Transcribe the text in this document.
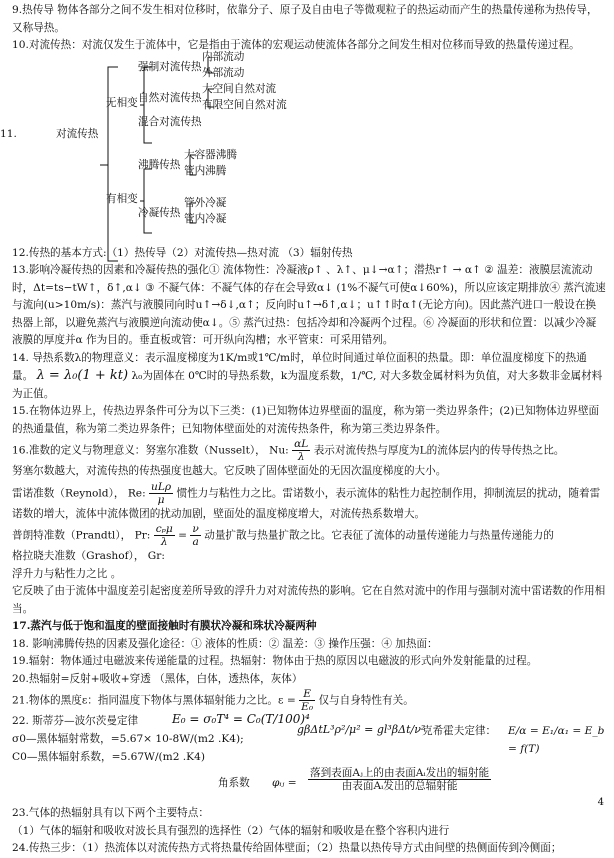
9.热传导 物体各部分之间不发生相对位移时，依靠分子、原子及自由电子等微观粒子的热运动而产生的热量传递称为热传导，又称导热。

10.对流传热：对流仅发生于流体中，它是指由于流体的宏观运动使流体各部分之间发生相对位移而导致的热量传递过程。

11.	对流传热
无相变
强制对流传热
内部流动
外部流动
自然对流传热
大空间自然对流
有限空间自然对流
混合对流传热
有相变
沸腾传热
大容器沸腾
管内沸腾
冷凝传热
管外冷凝
管内冷凝

12.传热的基本方式:（1）热传导（2）对流传热—热对流 （3）辐射传热

13.影响冷凝传热的因素和冷凝传热的强化① 流体物性：冷凝液ρ↑ 、λ↑、μ↓→α↑；潜热r↑ → α↑ ② 温差：液膜层流流动时，Δt=ts−tW↑，δ↑,α↓ ③ 不凝气体：不凝气体的存在会导致α↓ (1%不凝气可使α↓60%)，所以应该定期排放④ 蒸汽流速与流向(u>10m/s)：蒸汽与液膜同向时u↑→δ↓,α↑；反向时u↑→δ↑,α↓；u↑↑时α↑(无论方向)。因此蒸汽进口一般设在换热器上部，以避免蒸汽与液膜逆向流动使α↓。⑤ 蒸汽过热：包括冷却和冷凝两个过程。⑥ 冷凝面的形状和位置：以减少冷凝液膜的厚度并α 作为目的。垂直板或管：可开纵向沟槽；水平管束：可采用错列。

14. 导热系数λ的物理意义：表示温度梯度为1K/m或1℃/m时，单位时间通过单位面积的热量。即：单位温度梯度下的热通量。 λ = λ₀(1 + kt) λ₀为固体在 0℃时的导热系数，k为温度系数，1/℃, 对大多数金属材料为负值，对大多数非金属材料为正值。

15.在物体边界上，传热边界条件可分为以下三类：(1)已知物体边界壁面的温度，称为第一类边界条件；(2)已知物体边界壁面的热通量值，称为第二类边界条件；已知物体壁面处的对流传热条件，称为第三类边界条件。

16.准数的定义与物理意义：努塞尔准数（Nusselt）， Nu: $\frac{\alpha L}{\lambda}$ 表示对流传热与厚度为L的流体层内的传导传热之比。

努塞尔数越大，对流传热的传热强度也越大。它反映了固体壁面处的无因次温度梯度的大小。

雷诺准数（Reynold）， Re: $\frac{\text{uLρ}}{\mu}$ 惯性力与粘性力之比。雷诺数小，表示流体的粘性力起控制作用，抑制流层的扰动，随着雷诺数的增大，流体中流体微团的扰动加剧，壁面处的温度梯度增大，对流传热系数增大。

普朗特准数（Prandtl）， Pr: $\frac{\text{cₚμ}}{\lambda} = \frac{\nu}{a}$ 动量扩散与热量扩散之比。它表征了流体的动量传递能力与热量传递能力的

格拉晓夫准数（Grashof）， Gr:

浮升力与粘性力之比 。

它反映了由于流体中温度差引起密度差所导致的浮升力对对流传热的影响。它在自然对流中的作用与强制对流中雷诺数的作用相当。

17.蒸汽与低于饱和温度的壁面接触时有膜状冷凝和珠状冷凝两种

18. 影响沸腾传热的因素及强化途径：① 液体的性质：② 温差：③ 操作压强：④ 加热面：

19.辐射：物体通过电磁波来传递能量的过程。热辐射：物体由于热的原因以电磁波的形式向外发射能量的过程。

20.热辐射=反射+吸收+穿透 （黑体，白体，透热体，灰体）

21.物体的黑度ε：指同温度下物体与黑体辐射能力之比。$\varepsilon = \frac{E}{\text{E₀}}$ 仅与自身特性有关。

22. 斯蒂芬—波尔茨曼定律	E₀ = σ₀T⁴ = C₀(T/100)⁴
gβΔtL³ρ²/μ² = gl³βΔt/ν²
克希霍夫定律： E/α = E₁/α₁ = E_b = f(T)
σ0—黑体辐射常数，=5.67× 10-8W/(m2 .K4);
C0—黑体辐射系数，=5.67W/(m2 .K4)
角系数 φᵢⱼ =
落到表面Aⱼ上的由表面Aᵢ发出的辐射能
由表面Aᵢ发出的总辐射能

23.气体的热辐射具有以下两个主要特点：

（1）气体的辐射和吸收对波长具有强烈的选择性（2）气体的辐射和吸收是在整个容积内进行

24.传热三步：（1）热流体以对流传热方式将热量传给固体壁面；（2）热量以热传导方式由间壁的热侧面传到冷侧面；

4
